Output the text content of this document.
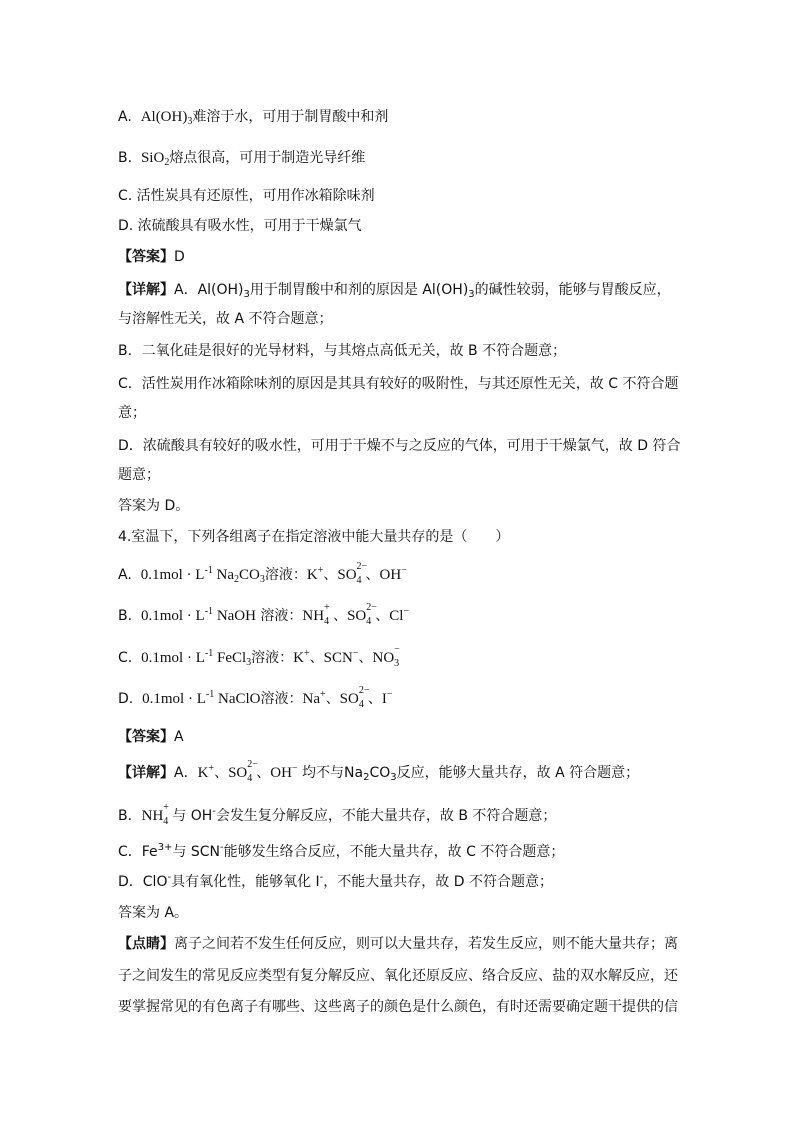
A. $Al(OH)_3$难溶于水，可用于制胃酸中和剂
B. SiO$_2$熔点很高，可用于制造光导纤维
C. 活性炭具有还原性，可用作冰箱除味剂
D. 浓硫酸具有吸水性，可用于干燥氯气
【答案】D
【详解】A．$Al(OH)_3$用于制胃酸中和剂的原因是 $Al(OH)_3$的碱性较弱，能够与胃酸反应，
与溶解性无关，故 A 不符合题意；
B．二氧化硅是很好的光导材料，与其熔点高低无关，故 B 不符合题意；
C．活性炭用作冰箱除味剂的原因是其具有较好的吸附性，与其还原性无关，故 C 不符合题
意；
D．浓硫酸具有较好的吸水性，可用于干燥不与之反应的气体，可用于干燥氯气，故 D 符合
题意；
答案为 D。
4.室温下，下列各组离子在指定溶液中能大量共存的是（　　）
A. $0.1mol \cdot L^{-1}$ $Na_2CO_3$溶液：K+、SO
2−
4 、OH−
B. $0.1mol \cdot L^{-1}$ NaOH 溶液：NH
+
4 、SO
2−
4 、Cl−
C. $0.1mol \cdot L^{-1}$ FeCl$_3$溶液：K+、SCN−、NO
−
3
D. $0.1mol \cdot L^{-1}$ NaClO溶液：Na+、SO
2−
4 、I−
【答案】A
【详解】A．K+、SO
2−
4 、OH− 均不与$Na_2CO_3$反应，能够大量共存，故 A 符合题意；
B．NH
+
4 与 OH-会发生复分解反应，不能大量共存，故 B 不符合题意；
C．$Fe^{3+}$与 SCN-能够发生络合反应，不能大量共存，故 C 不符合题意；
D．ClO-具有氧化性，能够氧化 I-，不能大量共存，故 D 不符合题意；
答案为 A。
【点睛】离子之间若不发生任何反应，则可以大量共存，若发生反应，则不能大量共存；离
子之间发生的常见反应类型有复分解反应、氧化还原反应、络合反应、盐的双水解反应，还
要掌握常见的有色离子有哪些、这些离子的颜色是什么颜色，有时还需要确定题干提供的信
